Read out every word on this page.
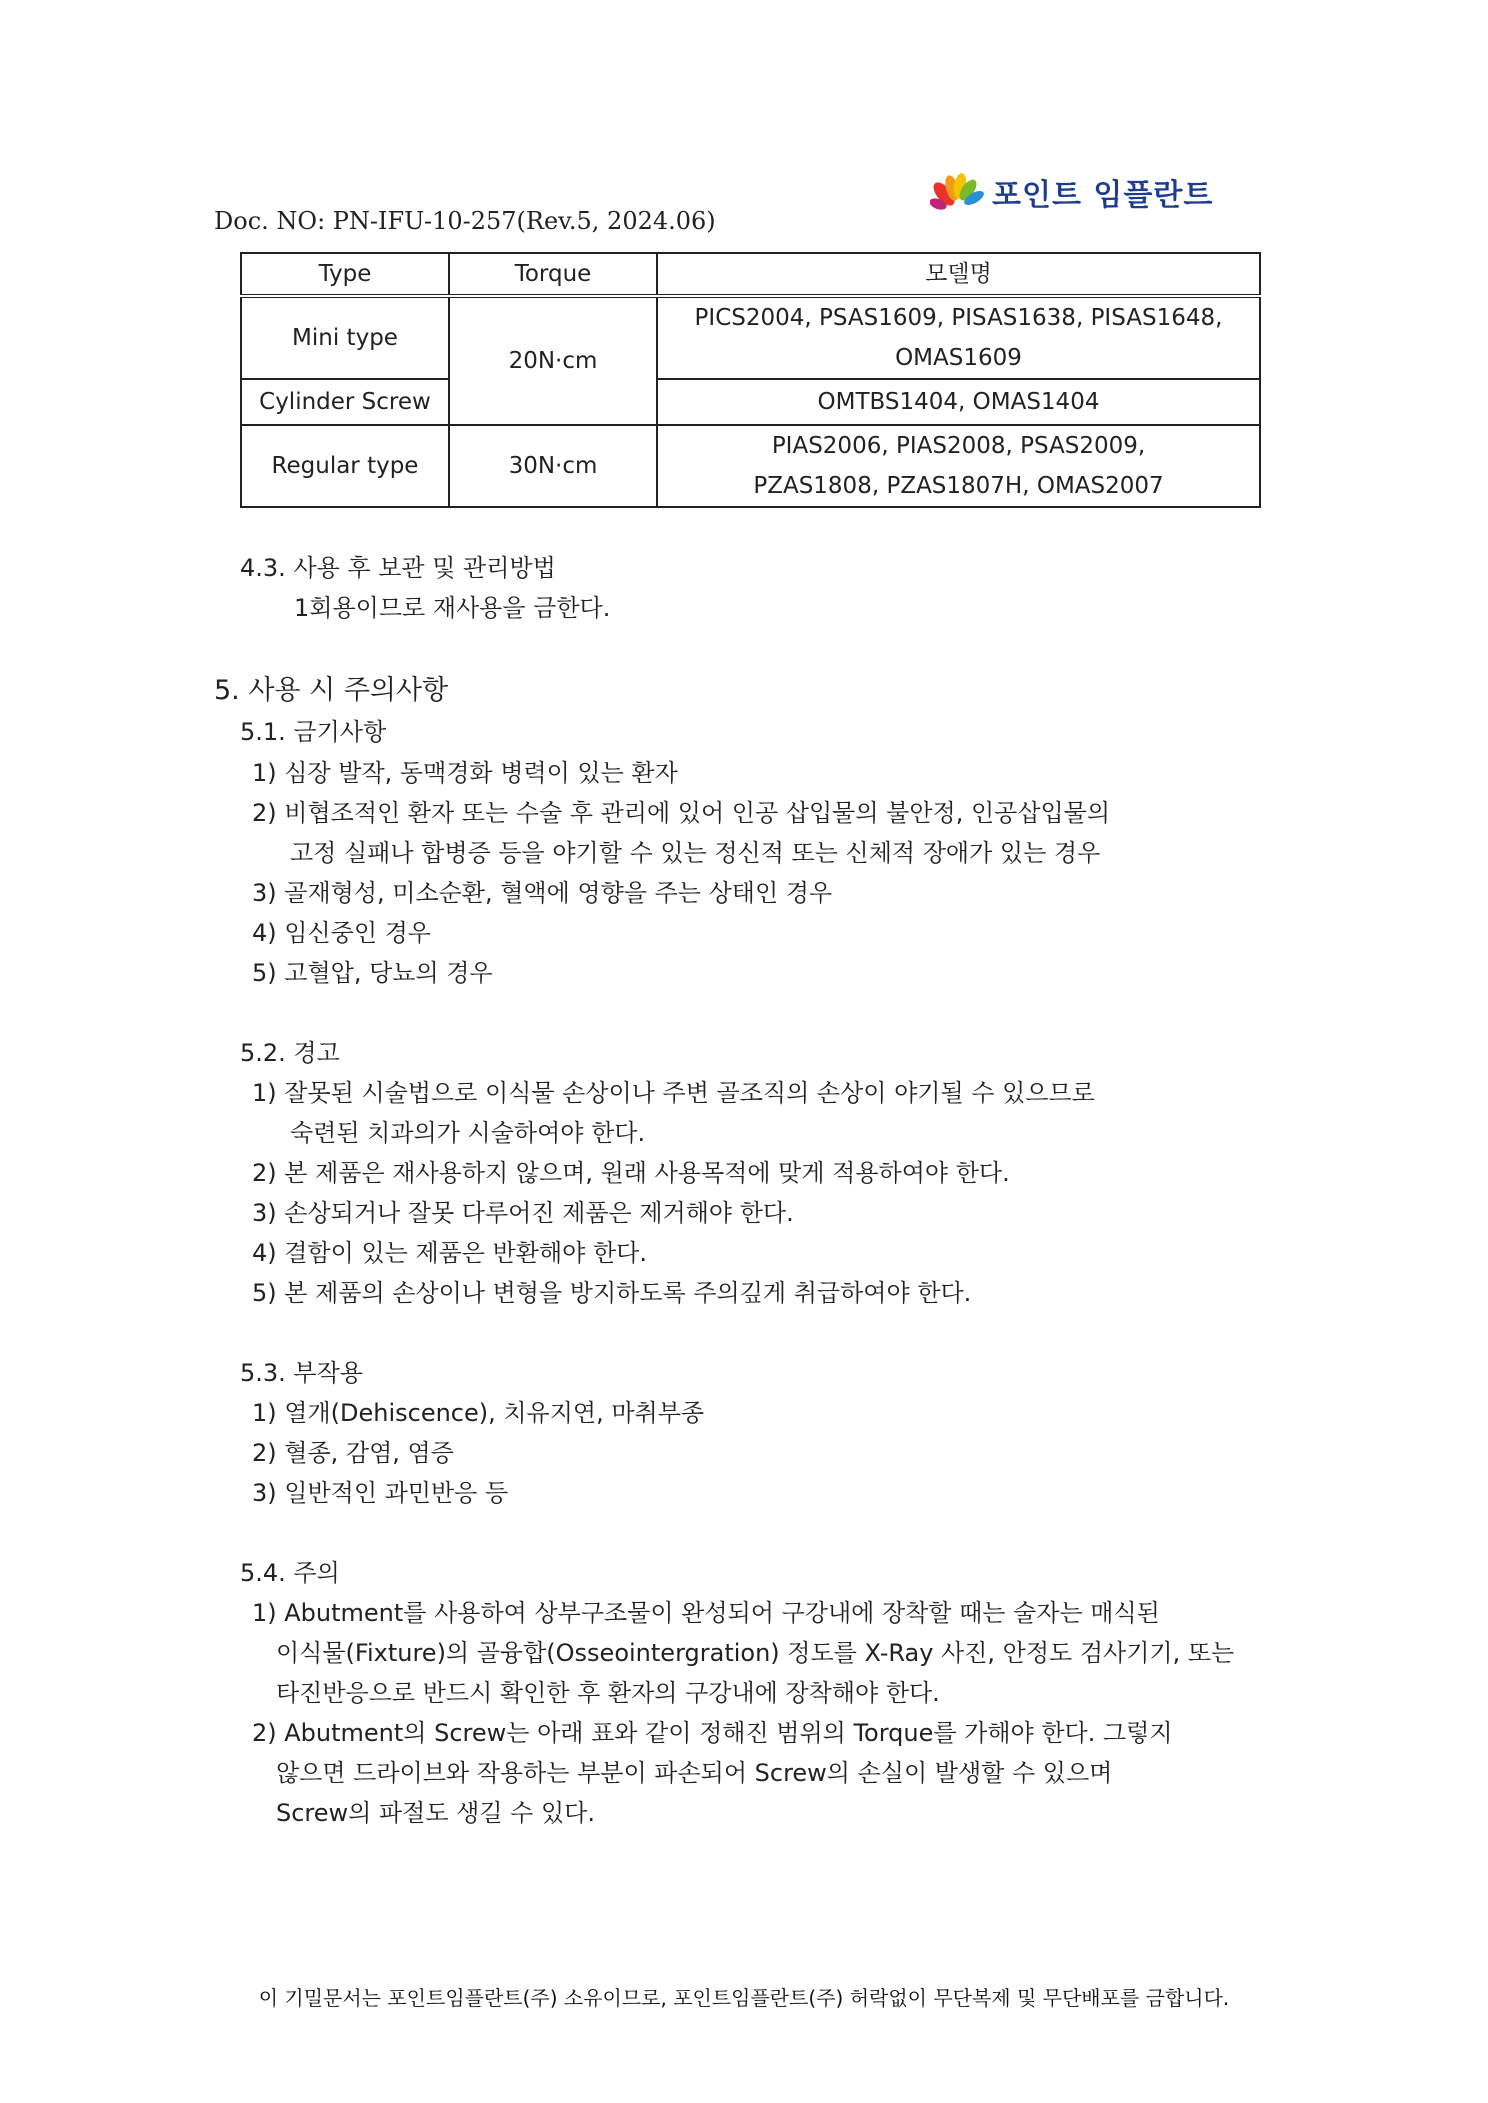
포인트 임플란트
Doc. NO: PN-IFU-10-257(Rev.5, 2024.06)
Type	Torque	모델명
Mini type	20N·cm	PICS2004, PSAS1609, PISAS1638, PISAS1648,
OMAS1609

Cylinder Screw		OMTBS1404, OMAS1404

Regular type	30N·cm	PIAS2006, PIAS2008, PSAS2009,
PZAS1808, PZAS1807H, OMAS2007
4.3. 사용 후 보관 및 관리방법
1회용이므로 재사용을 금한다.
5. 사용 시 주의사항
5.1. 금기사항
1) 심장 발작, 동맥경화 병력이 있는 환자
2) 비협조적인 환자 또는 수술 후 관리에 있어 인공 삽입물의 불안정, 인공삽입물의
고정 실패나 합병증 등을 야기할 수 있는 정신적 또는 신체적 장애가 있는 경우
3) 골재형성, 미소순환, 혈액에 영향을 주는 상태인 경우
4) 임신중인 경우
5) 고혈압, 당뇨의 경우
5.2. 경고
1) 잘못된 시술법으로 이식물 손상이나 주변 골조직의 손상이 야기될 수 있으므로
숙련된 치과의가 시술하여야 한다.
2) 본 제품은 재사용하지 않으며, 원래 사용목적에 맞게 적용하여야 한다.
3) 손상되거나 잘못 다루어진 제품은 제거해야 한다.
4) 결함이 있는 제품은 반환해야 한다.
5) 본 제품의 손상이나 변형을 방지하도록 주의깊게 취급하여야 한다.
5.3. 부작용
1) 열개(Dehiscence), 치유지연, 마취부종
2) 혈종, 감염, 염증
3) 일반적인 과민반응 등
5.4. 주의
1) Abutment를 사용하여 상부구조물이 완성되어 구강내에 장착할 때는 술자는 매식된
이식물(Fixture)의 골융합(Osseointergration) 정도를 X-Ray 사진, 안정도 검사기기, 또는
타진반응으로 반드시 확인한 후 환자의 구강내에 장착해야 한다.
2) Abutment의 Screw는 아래 표와 같이 정해진 범위의 Torque를 가해야 한다. 그렇지
않으면 드라이브와 작용하는 부분이 파손되어 Screw의 손실이 발생할 수 있으며
Screw의 파절도 생길 수 있다.
이 기밀문서는 포인트임플란트(주) 소유이므로, 포인트임플란트(주) 허락없이 무단복제 및 무단배포를 금합니다.
